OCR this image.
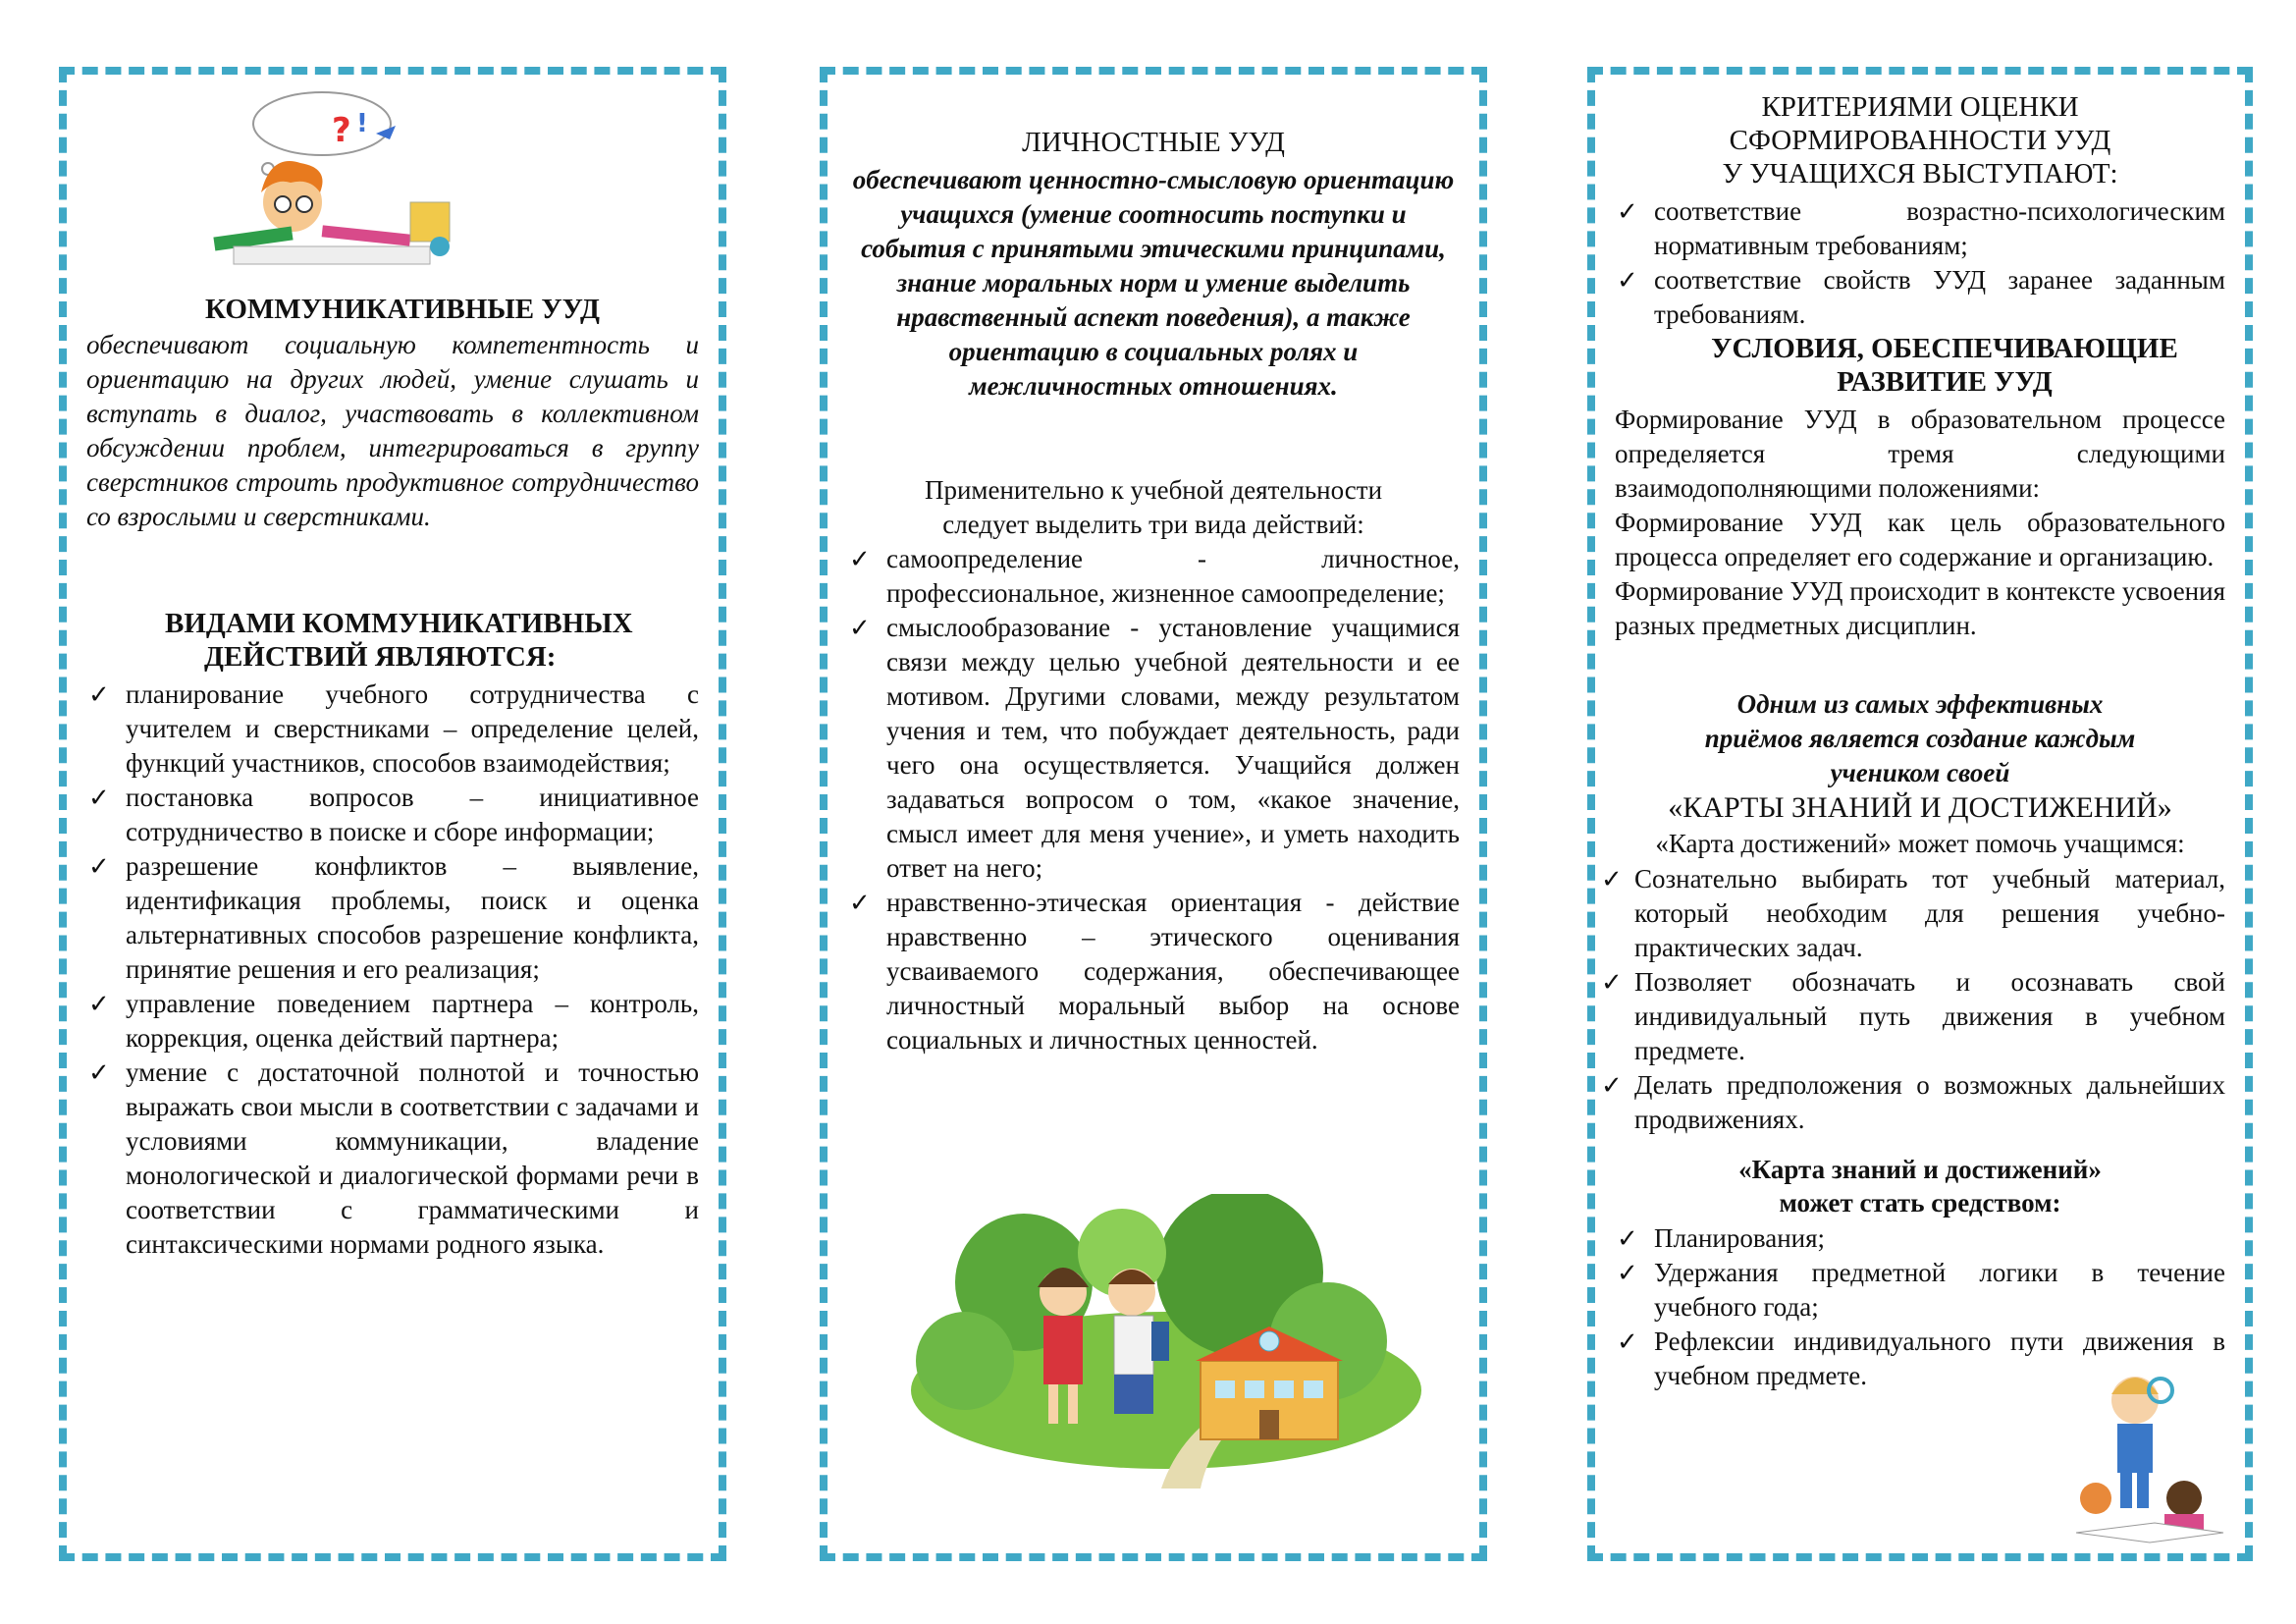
? !

КОММУНИКАТИВНЫЕ УУД

обеспечивают социальную компетентность и ориентацию на других людей, умение слушать и вступать в диалог, участвовать в коллективном обсуждении проблем, интегрироваться в группу сверстников строить продуктивное сотрудничество со взрослыми и сверстниками.

ВИДАМИ КОММУНИКАТИВНЫХ

ДЕЙСТВИЙ ЯВЛЯЮТСЯ:

✓ планирование учебного сотрудничества с учителем и сверстниками – определение целей, функций участников, способов взаимодействия;
✓ постановка вопросов – инициативное сотрудничество в поиске и сборе информации;
✓ разрешение конфликтов – выявление, идентификация проблемы, поиск и оценка альтернативных способов разрешение конфликта, принятие решения и его реализация;
✓ управление поведением партнера – контроль, коррекция, оценка действий партнера;
✓ умение с достаточной полнотой и точностью выражать свои мысли в соответствии с задачами и условиями коммуникации, владение монологической и диалогической формами речи в соответствии с грамматическими и синтаксическими нормами родного языка.

ЛИЧНОСТНЫЕ УУД

обеспечивают ценностно-смысловую ориентацию учащихся (умение соотносить поступки и события с принятыми этическими принципами, знание моральных норм и умение выделить нравственный аспект поведения), а также ориентацию в социальных ролях и межличностных отношениях.

Применительно к учебной деятельности следует выделить три вида действий:

✓ самоопределение - личностное, профессиональное, жизненное самоопределение;
✓ смыслообразование - установление учащимися связи между целью учебной деятельности и ее мотивом. Другими словами, между результатом учения и тем, что побуждает деятельность, ради чего она осуществляется. Учащийся должен задаваться вопросом о том, «какое значение, смысл имеет для меня учение», и уметь находить ответ на него;
✓ нравственно-этическая ориентация - действие нравственно – этического оценивания усваиваемого содержания, обеспечивающее личностный моральный выбор на основе социальных и личностных ценностей.

КРИТЕРИЯМИ ОЦЕНКИ

СФОРМИРОВАННОСТИ УУД

У УЧАЩИХСЯ ВЫСТУПАЮТ:

✓ соответствие возрастно-психологическим нормативным требованиям;
✓ соответствие свойств УУД заранее заданным требованиям.

УСЛОВИЯ, ОБЕСПЕЧИВАЮЩИЕ

РАЗВИТИЕ УУД

Формирование УУД в образовательном процессе определяется тремя следующими взаимодополняющими положениями:

Формирование УУД как цель образовательного процесса определяет его содержание и организацию.

Формирование УУД происходит в контексте усвоения разных предметных дисциплин.

Одним из самых эффективных

приёмов является создание каждым

учеником своей

«КАРТЫ ЗНАНИЙ И ДОСТИЖЕНИЙ»

«Карта достижений» может помочь учащимся:

✓ Сознательно выбирать тот учебный материал, который необходим для решения учебно-практических задач.
✓ Позволяет обозначать и осознавать свой индивидуальный путь движения в учебном предмете.
✓ Делать предположения о возможных дальнейших продвижениях.

«Карта знаний и достижений»

может стать средством:

✓ Планирования;
✓ Удержания предметной логики в течение учебного года;
✓ Рефлексии индивидуального пути движения в учебном предмете.
